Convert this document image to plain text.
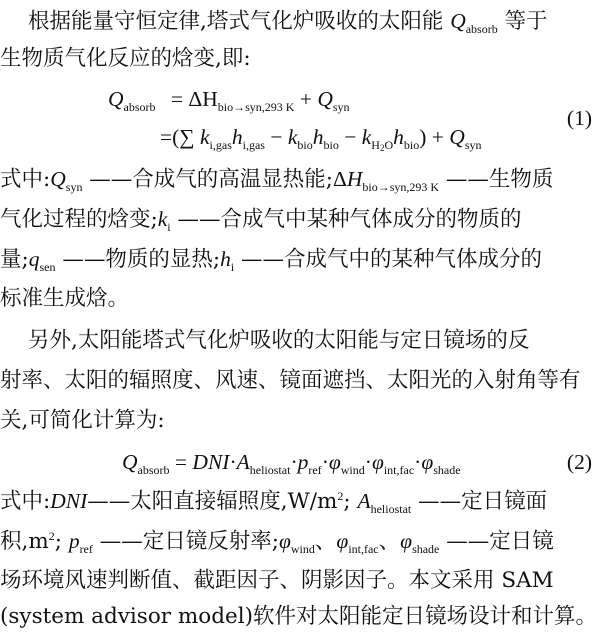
根据能量守恒定律,塔式气化炉吸收的太阳能 $Q_{absorb}$ 等于
生物质气化反应的焓变,即:
$Q_{absorb} = \Delta H_{bio\to syn,293 K} + Q_{syn}$
=(∑ $k_{i,gas}h_{i,gas} - k_{bio}h_{bio} - k_{H2O}h_{bio}) + Q_{syn}$
(1)
式中$:Q_{syn}$ ——合成气的高温显热能$;\Delta H_{bio\to syn,293 K}$ ——生物质
气化过程的焓变$;k_i$ ——合成气中某种气体成分的物质的
量$;q_{sen}$ ——物质的显热$;h_i$ ——合成气中的某种气体成分的
标准生成焓。
另外,太阳能塔式气化炉吸收的太阳能与定日镜场的反
射率、太阳的辐照度、风速、镜面遮挡、太阳光的入射角等有
关,可简化计算为:
$Q_{absorb} = DNI\cdot A_{heliostat}\cdot p_{ref}\cdot\varphi_{wind}\cdot\varphi_{int,fac}\cdot\varphi_{shade}$	(2)
式中:DNI——太阳直接辐照度$,W/m^2$; $A_{heliostat}$ ——定日镜面
积$,m^2$; $p_{ref}$ ——定日镜反射率$;\varphi_{wind}$、$\varphi_{int,fac}$、$\varphi_{shade}$ ——定日镜
场环境风速判断值、截距因子、阴影因子。本文采用 SAM
(system advisor model)软件对太阳能定日镜场设计和计算。
